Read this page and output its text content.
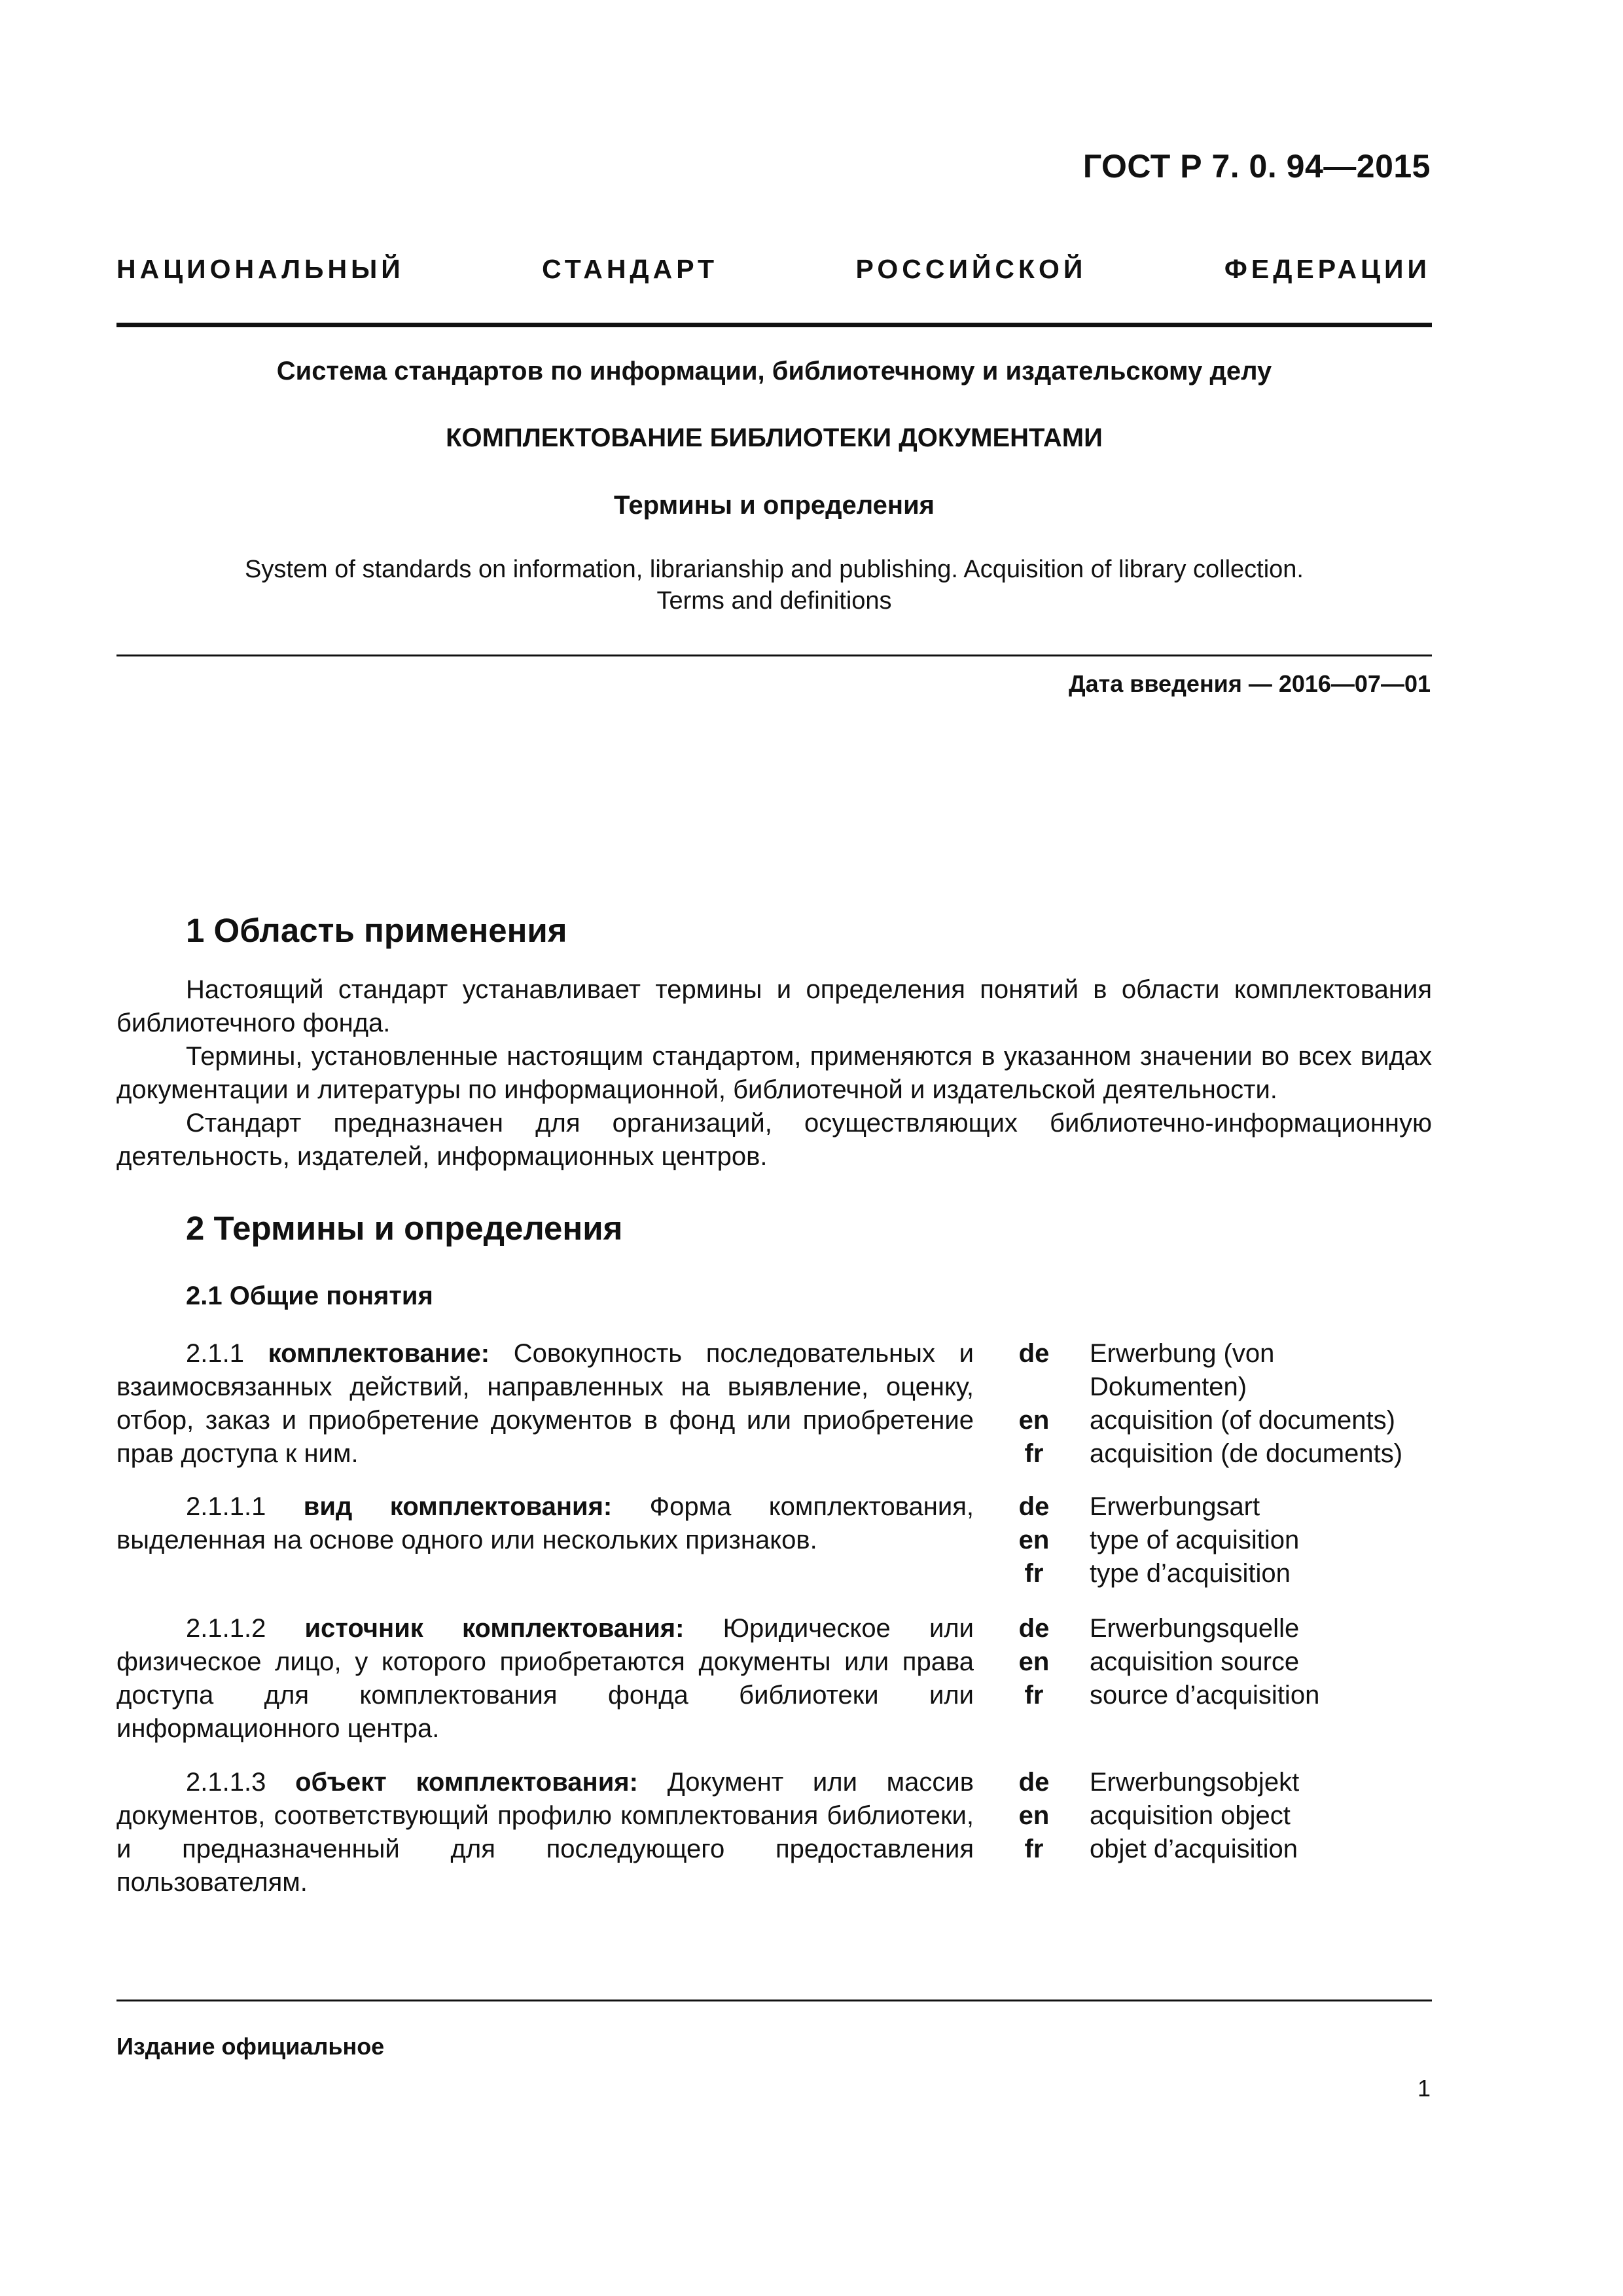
ГОСТ Р 7. 0. 94—2015
НАЦИОНАЛЬНЫЙ СТАНДАРТ РОССИЙСКОЙ ФЕДЕРАЦИИ
Система стандартов по информации, библиотечному и издательскому делу
КОМПЛЕКТОВАНИЕ БИБЛИОТЕКИ ДОКУМЕНТАМИ
Термины и определения
System of standards on information, librarianship and publishing. Acquisition of library collection.
Terms and definitions
Дата введения — 2016—07—01
1 Область применения

Настоящий стандарт устанавливает термины и определения понятий в области комплектования библиотечного фонда.

Термины, установленные настоящим стандартом, применяются в указанном значении во всех видах документации и литературы по информационной, библиотечной и издательской деятельности.

Стандарт предназначен для организаций, осуществляющих библиотечно-информационную деятельность, издателей, информационных центров.

2 Термины и определения
2.1 Общие понятия

2.1.1 комплектование: Совокупность последовательных и взаимосвязанных действий, направленных на выявление, оценку, отбор, заказ и приобретение документов в фонд или приобретение прав доступа к ним.

de
en
fr
Erwerbung (von Dokumenten)
acquisition (of documents)
acquisition (de documents)

2.1.1.1 вид комплектования: Форма комплектования, выделенная на основе одного или нескольких признаков.

de
en
fr
Erwerbungsart
type of acquisition
type d’acquisition

2.1.1.2 источник комплектования: Юридическое или физическое лицо, у которого приобретаются документы или права доступа для комплектования фонда библиотеки или информационного центра.

de
en
fr
Erwerbungsquelle
acquisition source
source d’acquisition

2.1.1.3 объект комплектования: Документ или массив документов, соответствующий профилю комплектования библиотеки, и предназначенный для последующего предоставления пользователям.

de
en
fr
Erwerbungsobjekt
acquisition object
objet d’acquisition
Издание официальное
1
